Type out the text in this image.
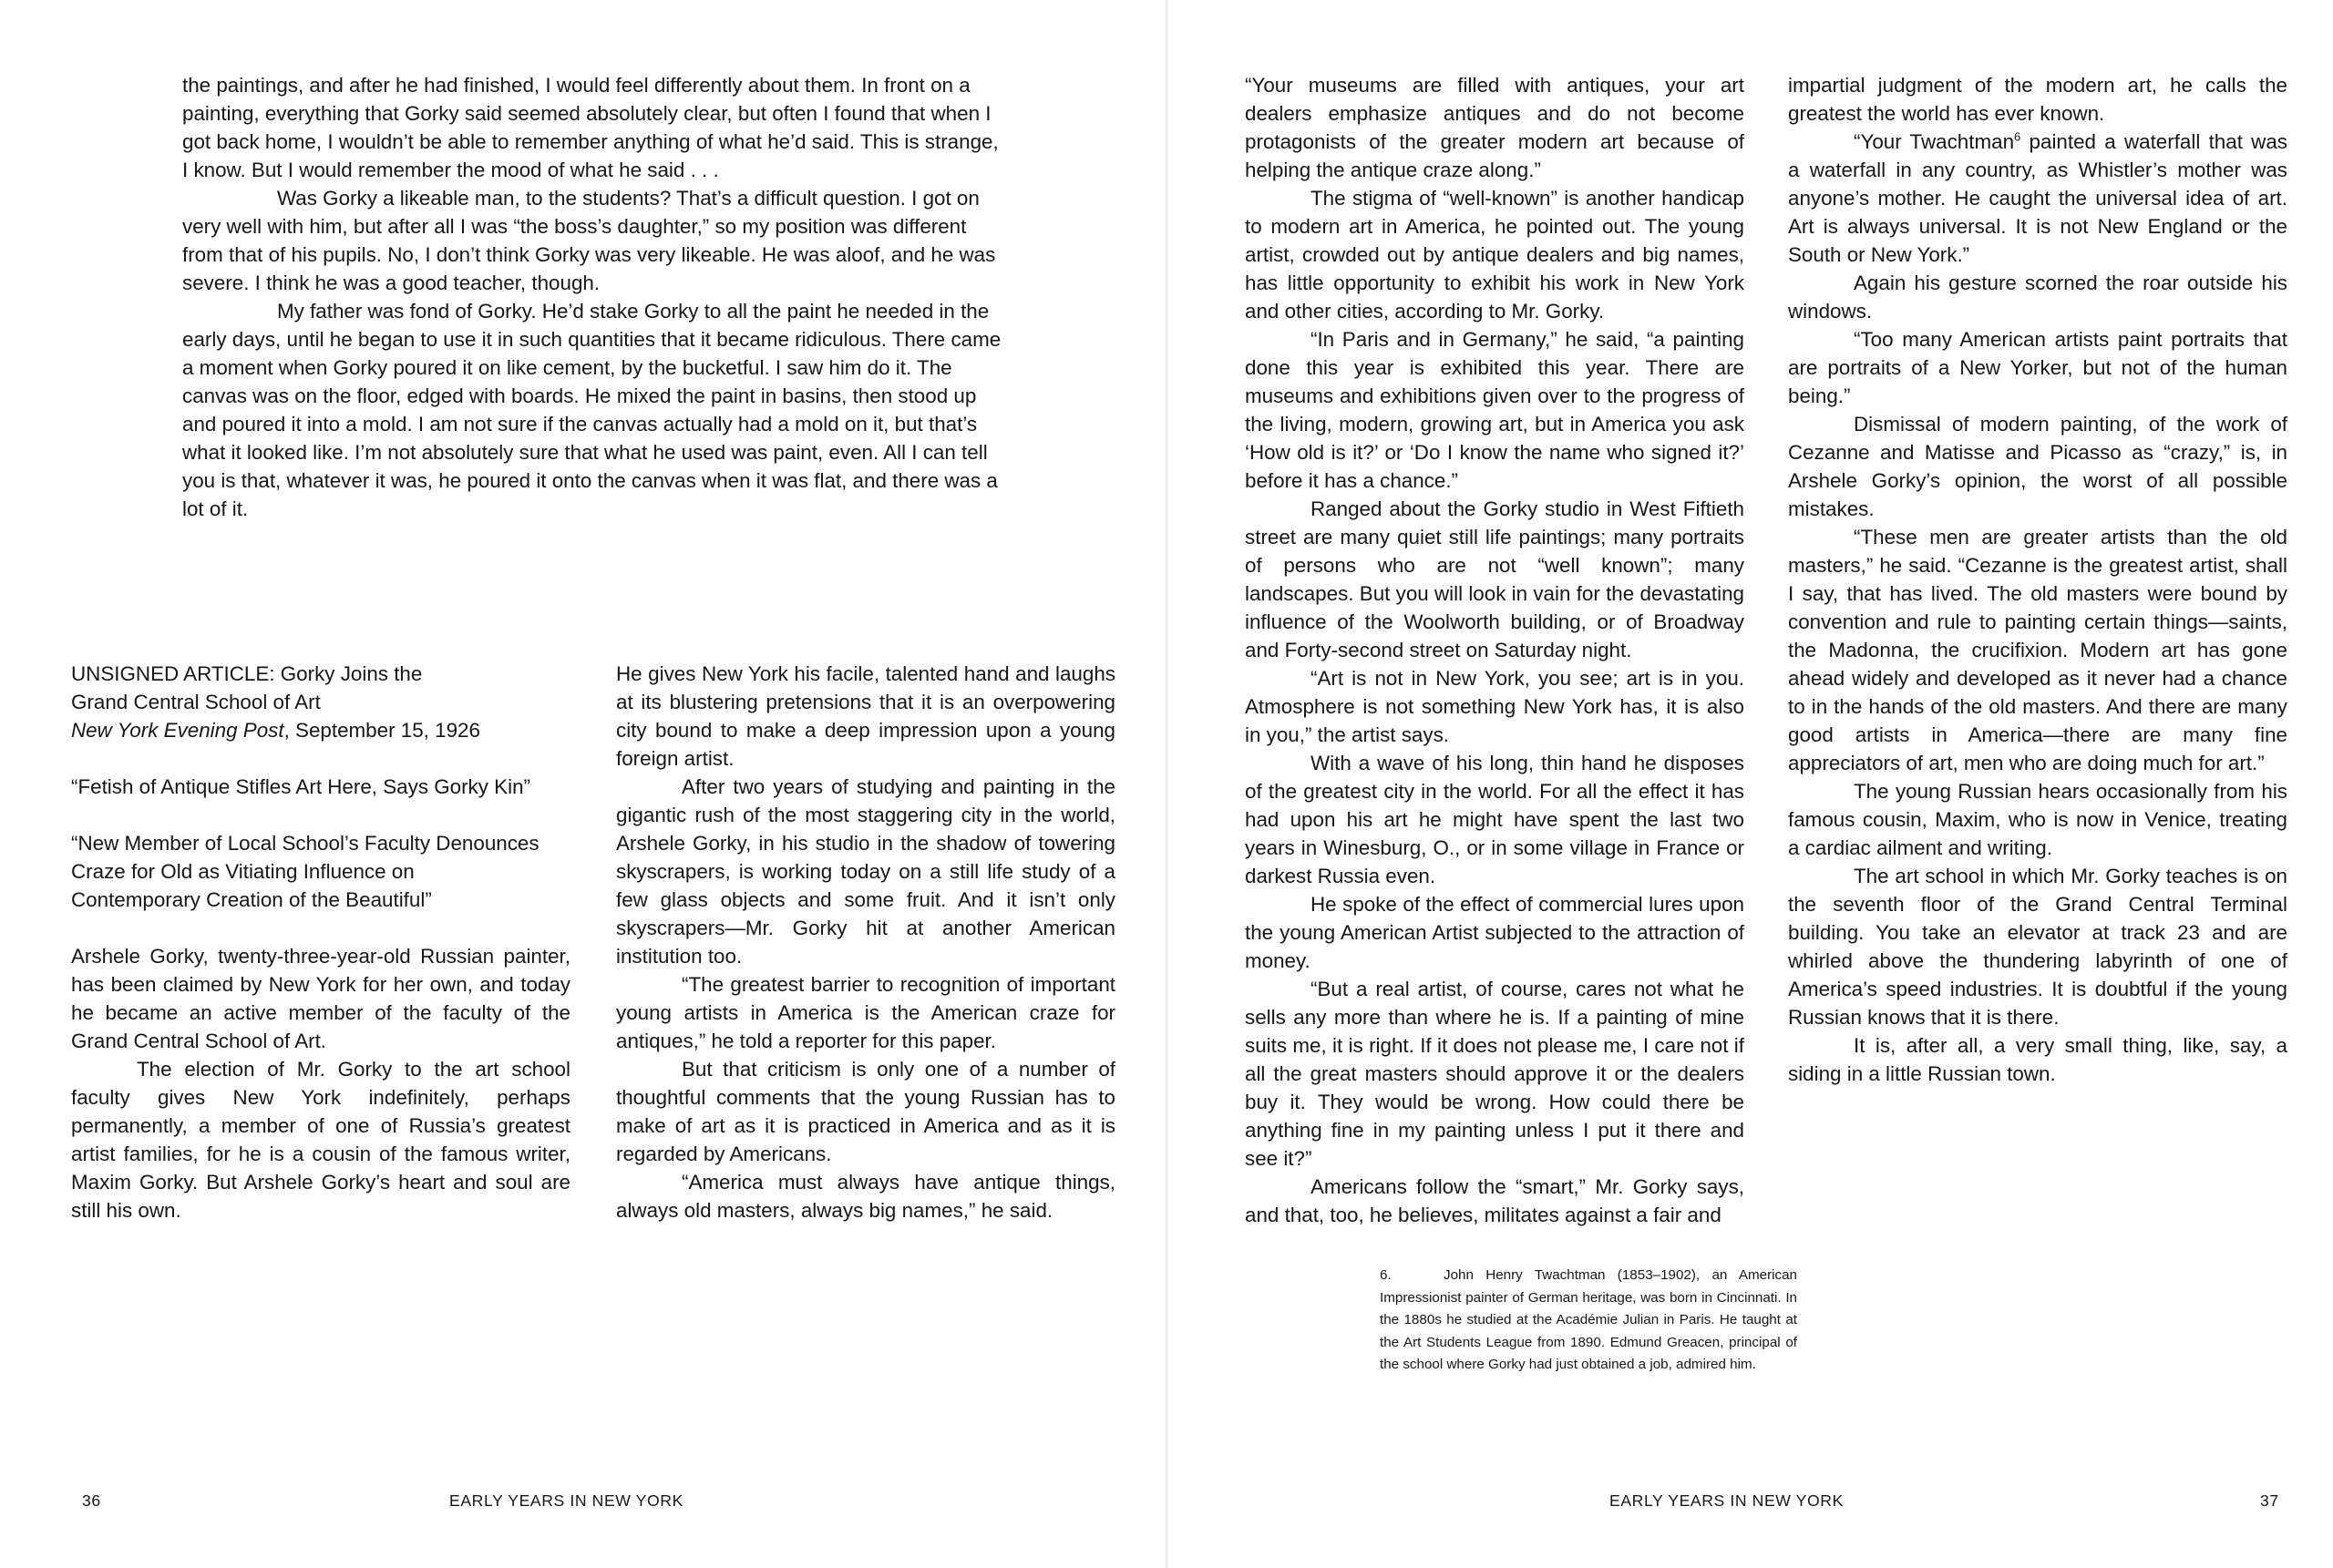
the paintings, and after he had finished, I would feel differently about them. In front on a painting, everything that Gorky said seemed absolutely clear, but often I found that when I got back home, I wouldn’t be able to remember anything of what he’d said. This is strange, I know. But I would remember the mood of what he said . . .

Was Gorky a likeable man, to the students? That’s a difficult question. I got on very well with him, but after all I was “the boss’s daughter,” so my position was different from that of his pupils. No, I don’t think Gorky was very likeable. He was aloof, and he was severe. I think he was a good teacher, though.

My father was fond of Gorky. He’d stake Gorky to all the paint he needed in the early days, until he began to use it in such quantities that it became ridiculous. There came a moment when Gorky poured it on like cement, by the bucketful. I saw him do it. The canvas was on the floor, edged with boards. He mixed the paint in basins, then stood up and poured it into a mold. I am not sure if the canvas actually had a mold on it, but that’s what it looked like. I’m not absolutely sure that what he used was paint, even. All I can tell you is that, whatever it was, he poured it onto the canvas when it was flat, and there was a lot of it.

UNSIGNED ARTICLE: Gorky Joins the
Grand Central School of Art
New York Evening Post, September 15, 1926

“Fetish of Antique Stifles Art Here, Says Gorky Kin”

“New Member of Local School’s Faculty Denounces Craze for Old as Vitiating Influence on Contemporary Creation of the Beautiful”

Arshele Gorky, twenty-three-year-old Russian painter, has been claimed by New York for her own, and today he became an active member of the faculty of the Grand Central School of Art.

The election of Mr. Gorky to the art school faculty gives New York indefinitely, perhaps permanently, a member of one of Russia’s greatest artist families, for he is a cousin of the famous writer, Maxim Gorky. But Arshele Gorky’s heart and soul are still his own.

He gives New York his facile, talented hand and laughs at its blustering pretensions that it is an overpowering city bound to make a deep impression upon a young foreign artist.

After two years of studying and painting in the gigantic rush of the most staggering city in the world, Arshele Gorky, in his studio in the shadow of towering skyscrapers, is working today on a still life study of a few glass objects and some fruit. And it isn’t only skyscrapers—Mr. Gorky hit at another American institution too.

“The greatest barrier to recognition of important young artists in America is the American craze for antiques,” he told a reporter for this paper.

But that criticism is only one of a number of thoughtful comments that the young Russian has to make of art as it is practiced in America and as it is regarded by Americans.

“America must always have antique things, always old masters, always big names,” he said.

“Your museums are filled with antiques, your art dealers emphasize antiques and do not become protagonists of the greater modern art because of helping the antique craze along.”

The stigma of “well-known” is another handicap to modern art in America, he pointed out. The young artist, crowded out by antique dealers and big names, has little opportunity to exhibit his work in New York and other cities, according to Mr. Gorky.

“In Paris and in Germany,” he said, “a painting done this year is exhibited this year. There are museums and exhibitions given over to the progress of the living, modern, growing art, but in America you ask ‘How old is it?’ or ‘Do I know the name who signed it?’ before it has a chance.”

Ranged about the Gorky studio in West Fiftieth street are many quiet still life paintings; many portraits of persons who are not “well known”; many landscapes. But you will look in vain for the devastating influence of the Woolworth building, or of Broadway and Forty-second street on Saturday night.

“Art is not in New York, you see; art is in you. Atmosphere is not something New York has, it is also in you,” the artist says.

With a wave of his long, thin hand he disposes of the greatest city in the world. For all the effect it has had upon his art he might have spent the last two years in Winesburg, O., or in some village in France or darkest Russia even.

He spoke of the effect of commercial lures upon the young American Artist subjected to the attraction of money.

“But a real artist, of course, cares not what he sells any more than where he is. If a painting of mine suits me, it is right. If it does not please me, I care not if all the great masters should approve it or the dealers buy it. They would be wrong. How could there be anything fine in my painting unless I put it there and see it?”

Americans follow the “smart,” Mr. Gorky says, and that, too, he believes, militates against a fair and

impartial judgment of the modern art, he calls the greatest the world has ever known.

“Your Twachtman$^6$ painted a waterfall that was a waterfall in any country, as Whistler’s mother was anyone’s mother. He caught the universal idea of art. Art is always universal. It is not New England or the South or New York.”

Again his gesture scorned the roar outside his windows.

“Too many American artists paint portraits that are portraits of a New Yorker, but not of the human being.”

Dismissal of modern painting, of the work of Cezanne and Matisse and Picasso as “crazy,” is, in Arshele Gorky’s opinion, the worst of all possible mistakes.

“These men are greater artists than the old masters,” he said. “Cezanne is the greatest artist, shall I say, that has lived. The old masters were bound by convention and rule to painting certain things—saints, the Madonna, the crucifixion. Modern art has gone ahead widely and developed as it never had a chance to in the hands of the old masters. And there are many good artists in America—there are many fine appreciators of art, men who are doing much for art.”

The young Russian hears occasionally from his famous cousin, Maxim, who is now in Venice, treating a cardiac ailment and writing.

The art school in which Mr. Gorky teaches is on the seventh floor of the Grand Central Terminal building. You take an elevator at track 23 and are whirled above the thundering labyrinth of one of America’s speed industries. It is doubtful if the young Russian knows that it is there.

It is, after all, a very small thing, like, say, a siding in a little Russian town.

6.	John Henry Twachtman (1853–1902), an American Impressionist painter of German heritage, was born in Cincinnati. In the 1880s he studied at the Académie Julian in Paris. He taught at the Art Students League from 1890. Edmund Greacen, principal of the school where Gorky had just obtained a job, admired him.
36	EARLY YEARS IN NEW YORK	EARLY YEARS IN NEW YORK	37
